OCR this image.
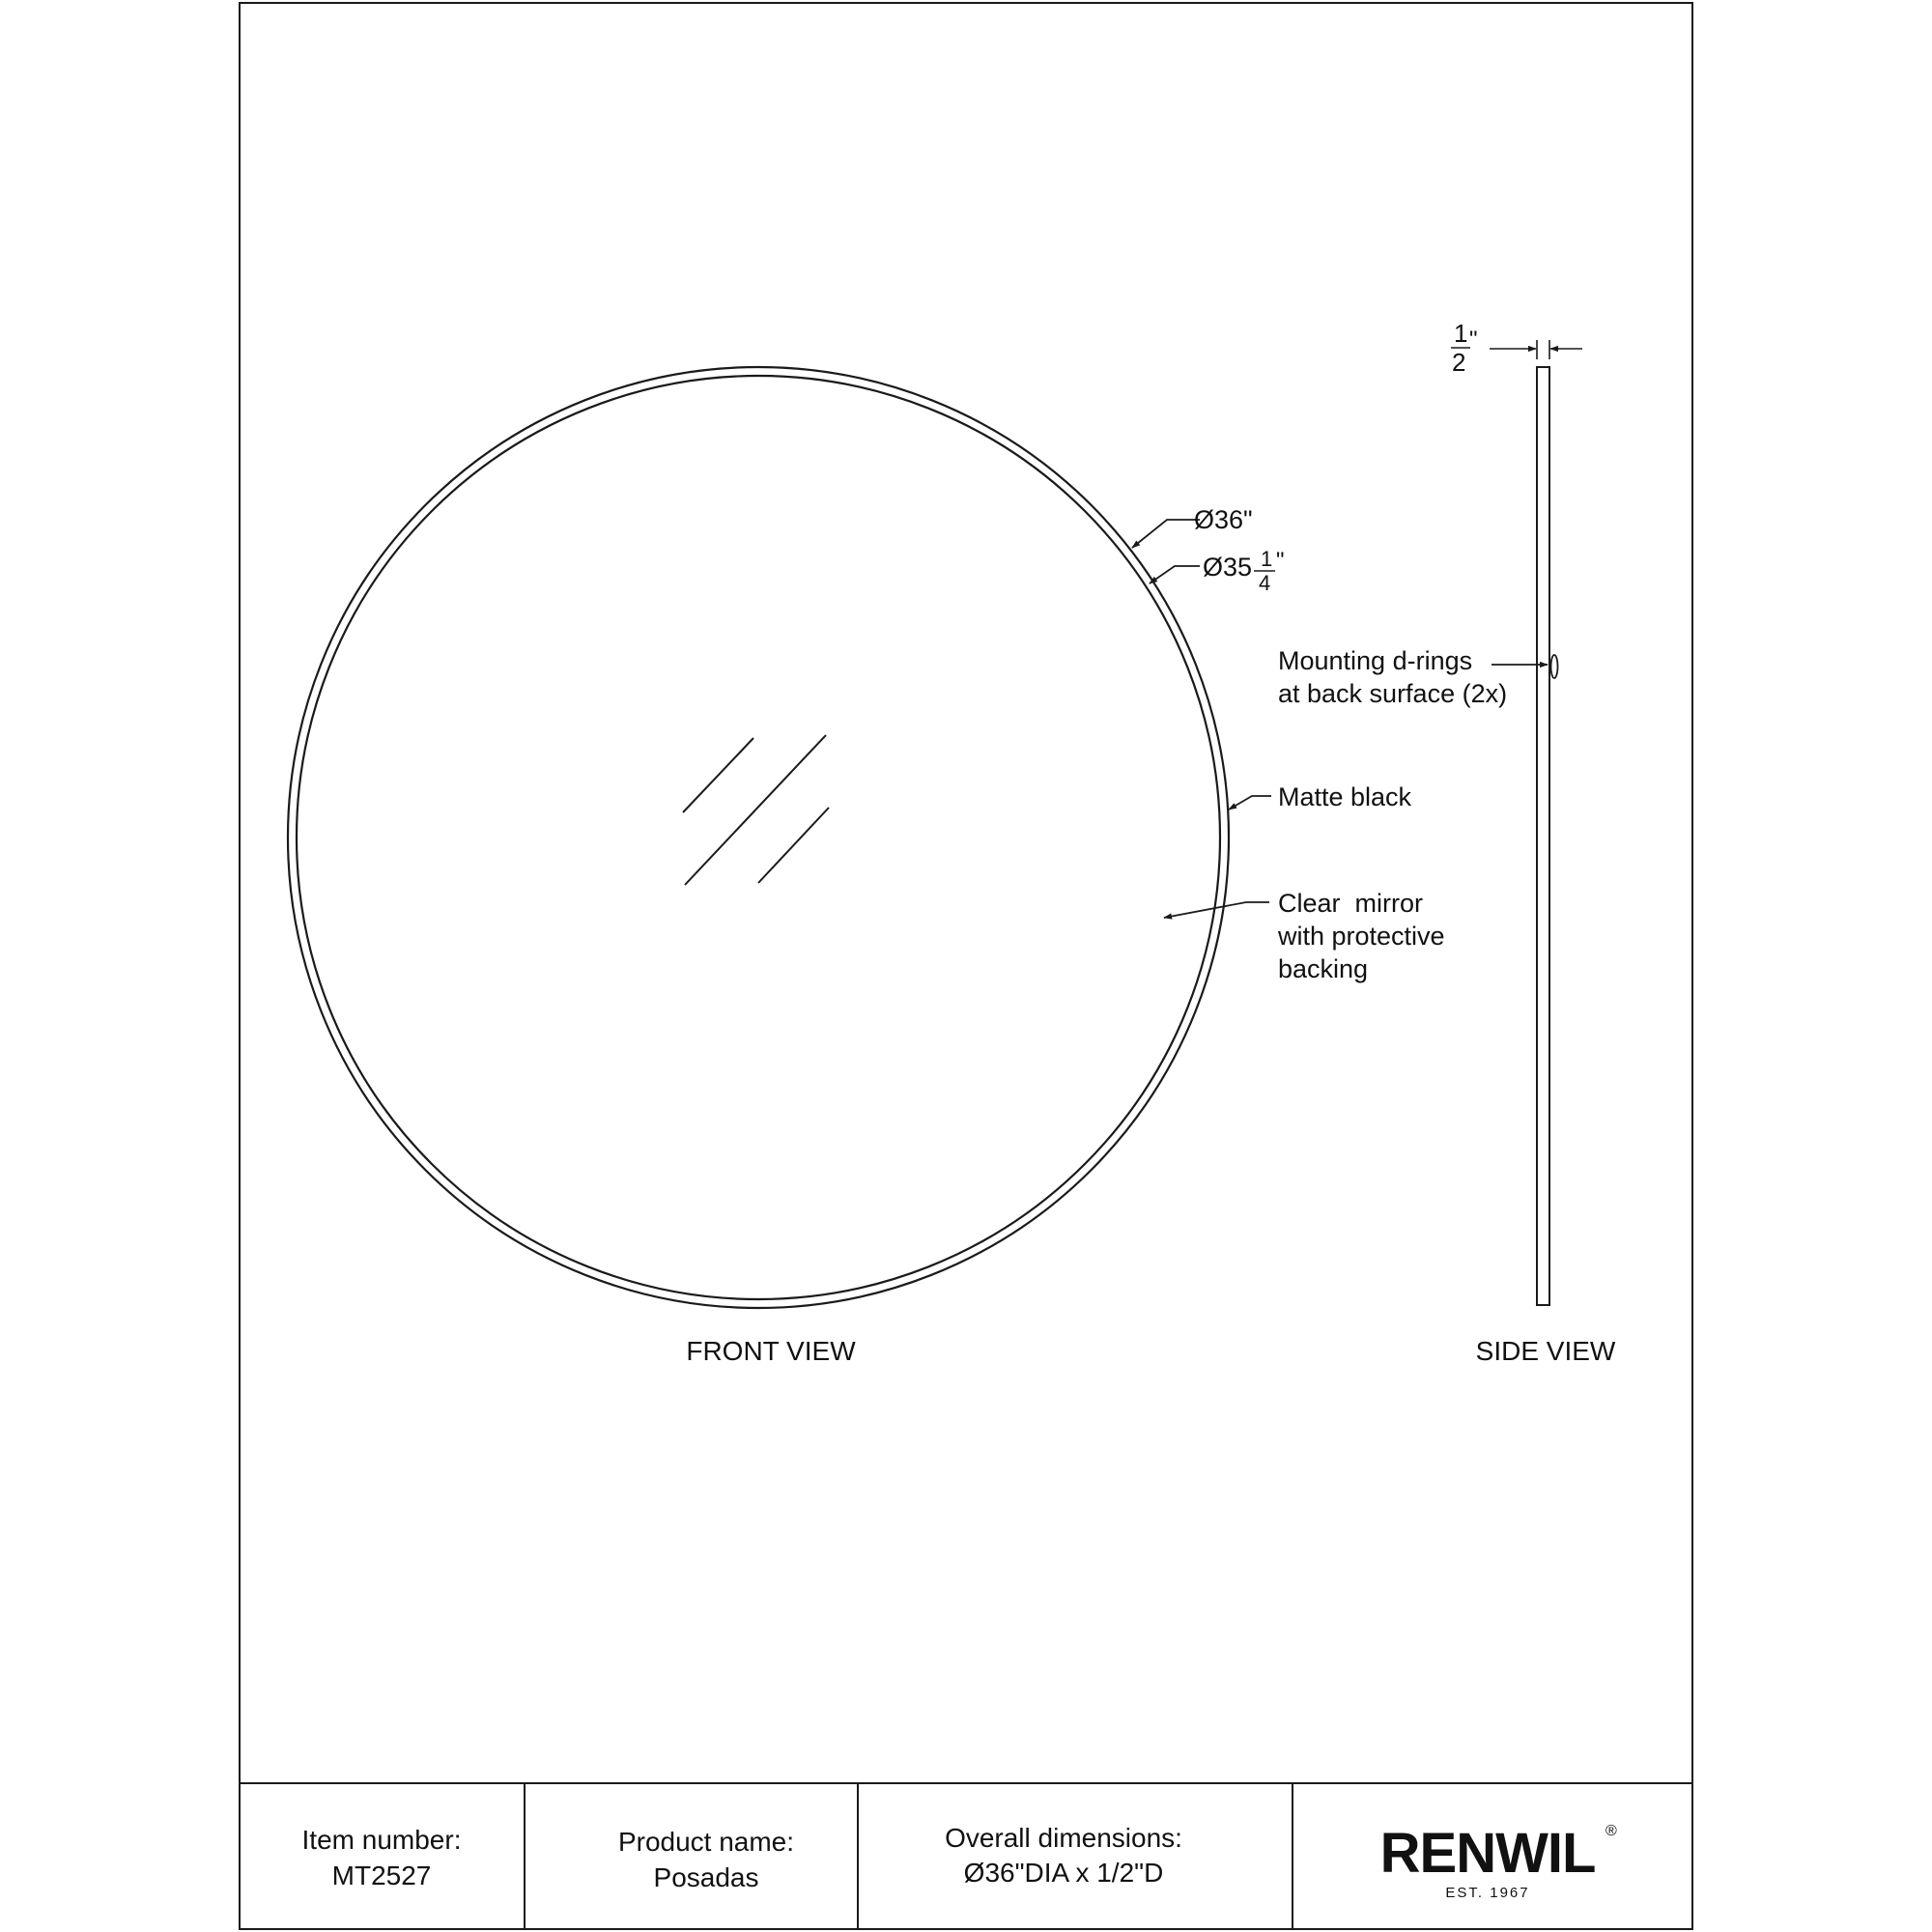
Ø36"
Ø35 1
4
"
Matte black
Clear  mirror
with protective
backing
FRONT VIEW
1
2
"
Mounting d-rings
at back surface (2x)
SIDE VIEW
Item number:
MT2527
Product name:
Posadas
Overall dimensions:
Ø36"DIA x 1/2"D	RENWIL ®
EST. 1967
